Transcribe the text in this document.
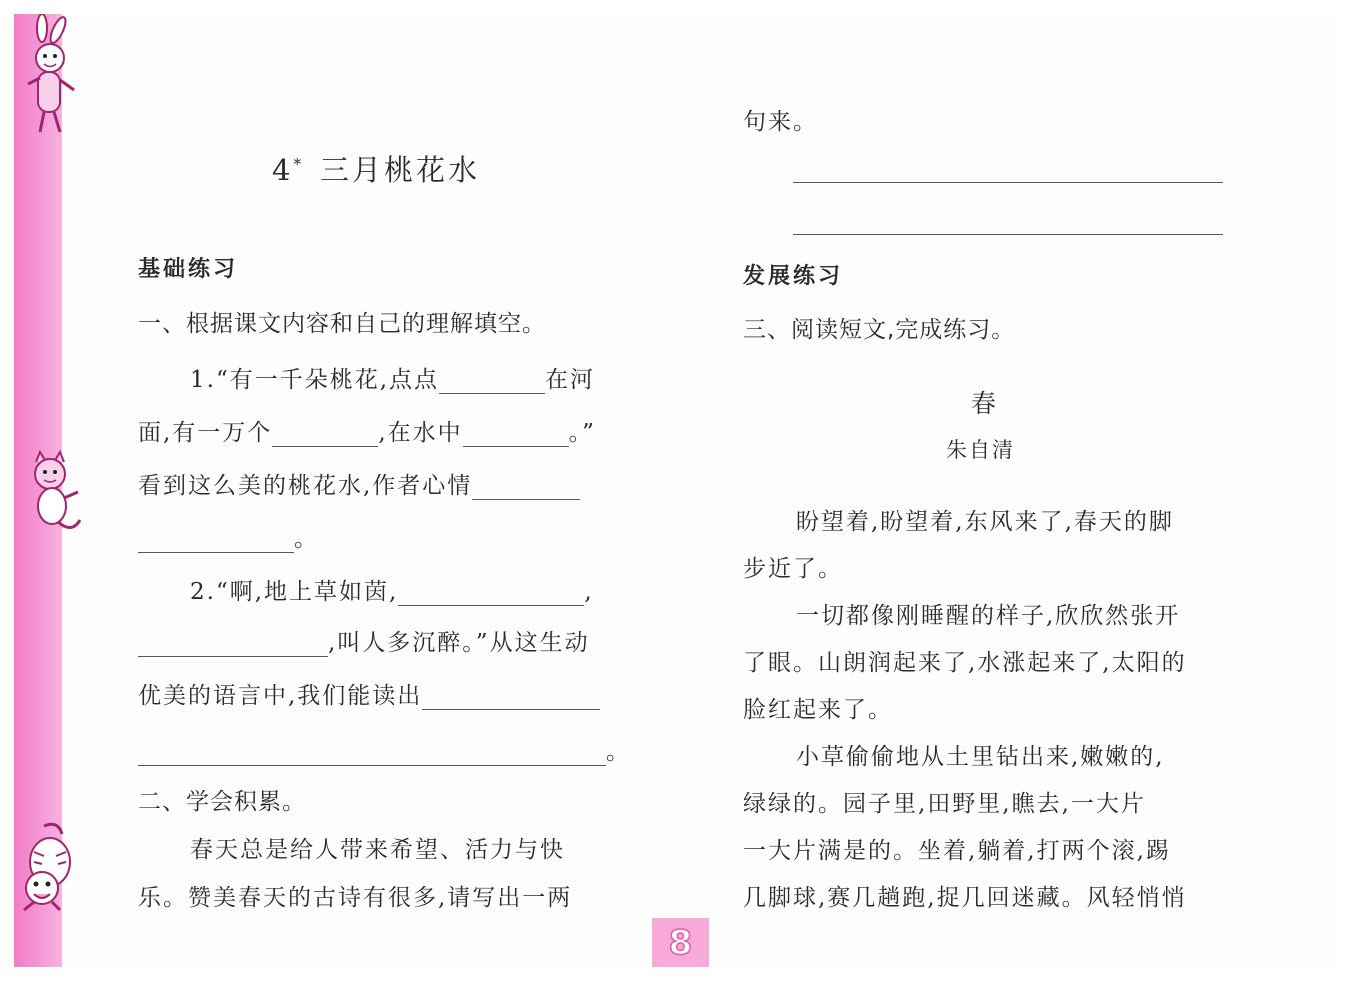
4* 三月桃花水
基础练习
一、根据课文内容和自己的理解填空。
1.“有一千朵桃花,点点	在河
面,有一万个	,在水中	。”
看到这么美的桃花水,作者心情
。
2.“啊,地上草如茵,	,
,叫人多沉醉。”从这生动
优美的语言中,我们能读出
。
二、学会积累。
春天总是给人带来希望、活力与快
乐。赞美春天的古诗有很多,请写出一两
句来。
发展练习
三、阅读短文,完成练习。
春
朱自清
盼望着,盼望着,东风来了,春天的脚
步近了。
一切都像刚睡醒的样子,欣欣然张开
了眼。山朗润起来了,水涨起来了,太阳的
脸红起来了。
小草偷偷地从土里钻出来,嫩嫩的,
绿绿的。园子里,田野里,瞧去,一大片
一大片满是的。坐着,躺着,打两个滚,踢
几脚球,赛几趟跑,捉几回迷藏。风轻悄悄
8
